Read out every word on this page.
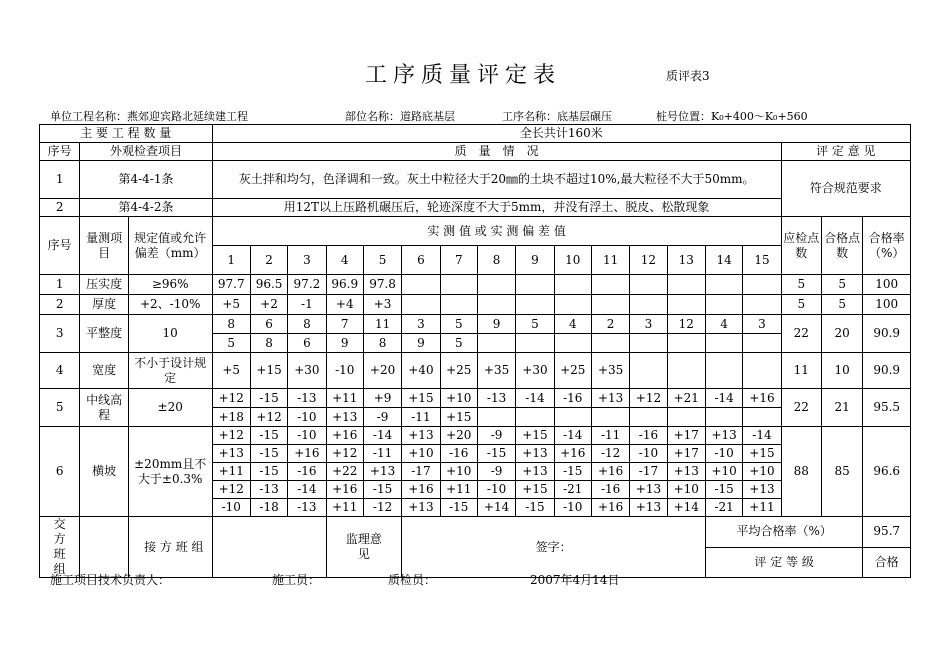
工序质量评定表	质评表3
单位工程名称：燕郊迎宾路北延续建工程	部位名称：道路底基层	工序名称：底基层碾压	桩号位置：K₀+400～K₀+560
主 要 工 程 数 量			全长共计160米																	
序号	外观检查项目		质　量　情　况															评 定 意 见		
1	第4-4-1条		灰土拌和均匀，色泽调和一致。灰土中粒径大于20㎜的土块不超过10%,最大粒径不大于50mm。															符合规范要求		
2	第4-4-2条		用12T以上压路机碾压后，轮迹深度不大于5mm，并没有浮土、脱皮、松散现象																	
序号	量测项目	规定值或允许偏差（mm）	实 测 值 或 实 测 偏 差 值															应检点数	合格点数	合格率（%）
			1	2	3	4	5	6	7	8	9	10	11	12	13	14	15			
1	压实度	≥96%	97.7	96.5	97.2	96.9	97.8											5	5	100
2	厚度	+2、-10%	+5	+2	-1	+4	+3											5	5	100
3	平整度	10	8	6	8	7	11	3	5	9	5	4	2	3	12	4	3	22	20	90.9
			5	8	6	9	8	9	5											
4	宽度	不小于设计规定	+5	+15	+30	-10	+20	+40	+25	+35	+30	+25	+35					11	10	90.9
5	中线高程	±20	+12	-15	-13	+11	+9	+15	+10	-13	-14	-16	+13	+12	+21	-14	+16	22	21	95.5
			+18	+12	-10	+13	-9	-11	+15											
6	横坡	±20mm且不大于±0.3%	+12	-15	-10	+16	-14	+13	+20	-9	+15	-14	-11	-16	+17	+13	-14	88	85	96.6
			+13	-15	+16	+12	-11	+10	-16	-15	+13	+16	-12	-10	+17	-10	+15			
			+11	-15	-16	+22	+13	-17	+10	-9	+13	-15	+16	-17	+13	+10	+10			
			+12	-13	-14	+16	-15	+16	+11	-10	+15	-21	-16	+13	+10	-15	+13			
			-10	-18	-13	+11	-12	+13	-15	+14	-15	-10	+16	+13	+14	-21	+11			
交 方 班 组		接 方 班 组				监理意见		签字：								平均合格率（%）				95.7
																评 定 等 级				合格
施工项目技术负责人：	施工员：	质检员：	2007年4月14日
